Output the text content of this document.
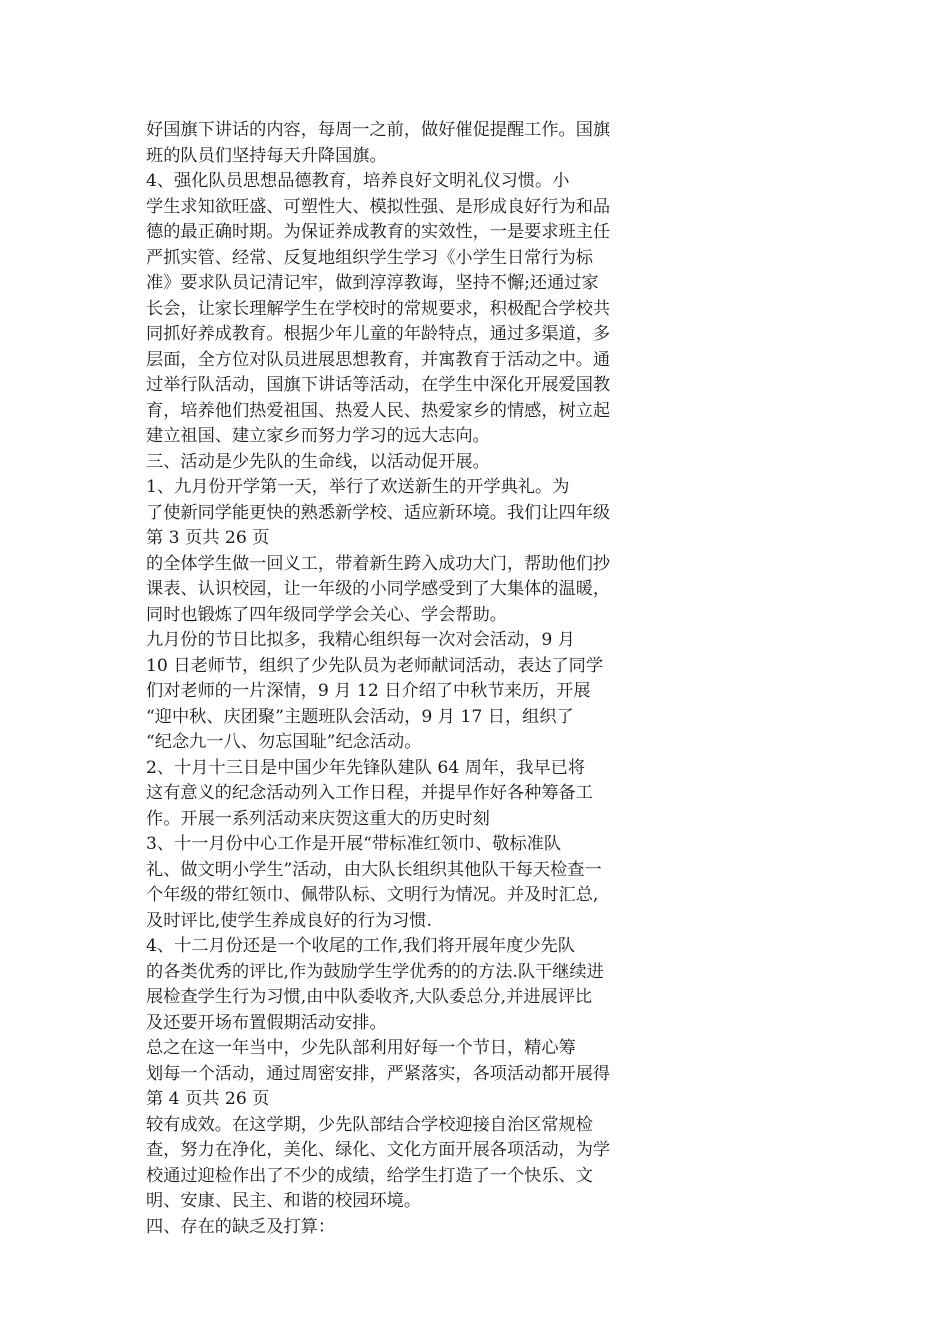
好国旗下讲话的内容，每周一之前，做好催促提醒工作。国旗
班的队员们坚持每天升降国旗。
4、强化队员思想品德教育，培养良好文明礼仪习惯。小
学生求知欲旺盛、可塑性大、模拟性强、是形成良好行为和品
德的最正确时期。为保证养成教育的实效性，一是要求班主任
严抓实管、经常、反复地组织学生学习《小学生日常行为标
准》要求队员记清记牢，做到淳淳教诲，坚持不懈;还通过家
长会，让家长理解学生在学校时的常规要求，积极配合学校共
同抓好养成教育。根据少年儿童的年龄特点，通过多渠道，多
层面，全方位对队员进展思想教育，并寓教育于活动之中。通
过举行队活动，国旗下讲话等活动，在学生中深化开展爱国教
育，培养他们热爱祖国、热爱人民、热爱家乡的情感，树立起
建立祖国、建立家乡而努力学习的远大志向。
三、活动是少先队的生命线，以活动促开展。
1、九月份开学第一天，举行了欢送新生的开学典礼。为
了使新同学能更快的熟悉新学校、适应新环境。我们让四年级
第 3 页共 26 页
的全体学生做一回义工，带着新生跨入成功大门，帮助他们抄
课表、认识校园，让一年级的小同学感受到了大集体的温暖，
同时也锻炼了四年级同学学会关心、学会帮助。
九月份的节日比拟多，我精心组织每一次对会活动，9 月
10 日老师节，组织了少先队员为老师献词活动，表达了同学
们对老师的一片深情，9 月 12 日介绍了中秋节来历，开展
“迎中秋、庆团聚”主题班队会活动，9 月 17 日，组织了
“纪念九一八、勿忘国耻”纪念活动。
2、十月十三日是中国少年先锋队建队 64 周年，我早已将
这有意义的纪念活动列入工作日程，并提早作好各种筹备工
作。开展一系列活动来庆贺这重大的历史时刻
3、十一月份中心工作是开展“带标准红领巾、敬标准队
礼、做文明小学生”活动，由大队长组织其他队干每天检查一
个年级的带红领巾、佩带队标、文明行为情况。并及时汇总,
及时评比,使学生养成良好的行为习惯.
4、十二月份还是一个收尾的工作,我们将开展年度少先队
的各类优秀的评比,作为鼓励学生学优秀的的方法.队干继续进
展检查学生行为习惯,由中队委收齐,大队委总分,并进展评比
及还要开场布置假期活动安排。
总之在这一年当中，少先队部利用好每一个节日，精心筹
划每一个活动，通过周密安排，严紧落实，各项活动都开展得
第 4 页共 26 页
较有成效。在这学期，少先队部结合学校迎接自治区常规检
查，努力在净化，美化、绿化、文化方面开展各项活动，为学
校通过迎检作出了不少的成绩，给学生打造了一个快乐、文
明、安康、民主、和谐的校园环境。
四、存在的缺乏及打算：
